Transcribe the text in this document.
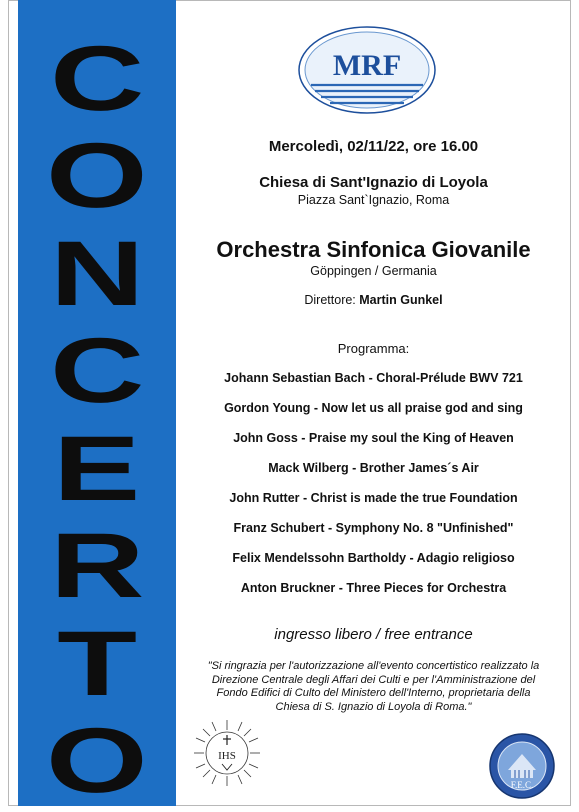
C
O
N
C
E
R
T
O
MRF
Mercoledì, 02/11/22, ore 16.00
Chiesa di Sant'Ignazio di Loyola
Piazza Sant`Ignazio, Roma
Orchestra Sinfonica Giovanile
Göppingen / Germania
Direttore: Martin Gunkel
Programma:
Johann Sebastian Bach - Choral-Prélude BWV 721
Gordon Young - Now let us all praise god and sing
John Goss - Praise my soul the King of Heaven
Mack Wilberg - Brother James´s Air
John Rutter - Christ is made the true Foundation
Franz Schubert - Symphony No. 8 "Unfinished"
Felix Mendelssohn Bartholdy - Adagio religioso
Anton Bruckner - Three Pieces for Orchestra
ingresso libero / free entrance
"Si ringrazia per l'autorizzazione all'evento concertistico realizzato la Direzione Centrale degli Affari dei Culti e per l'Amministrazione del Fondo Edifici di Culto del Ministero dell'Interno, proprietaria della Chiesa di S. Ignazio di Loyola di Roma."
IHS
F.E.C.
